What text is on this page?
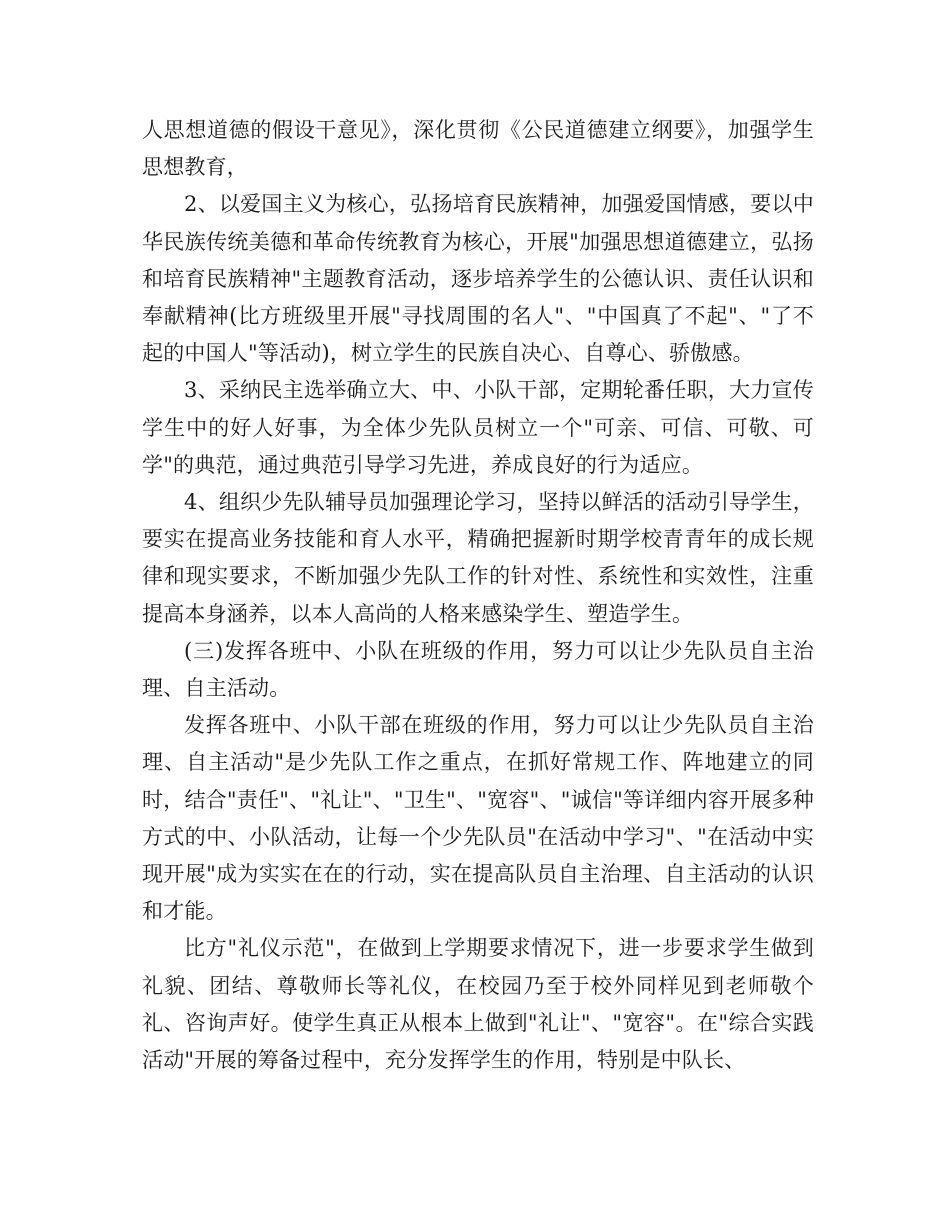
人思想道德的假设干意见》，深化贯彻《公民道德建立纲要》，加强学生思想教育，

2、以爱国主义为核心，弘扬培育民族精神，加强爱国情感，要以中华民族传统美德和革命传统教育为核心，开展"加强思想道德建立，弘扬和培育民族精神"主题教育活动，逐步培养学生的公德认识、责任认识和奉献精神(比方班级里开展"寻找周围的名人"、"中国真了不起"、"了不起的中国人"等活动)，树立学生的民族自决心、自尊心、骄傲感。

3、采纳民主选举确立大、中、小队干部，定期轮番任职，大力宣传学生中的好人好事，为全体少先队员树立一个"可亲、可信、可敬、可学"的典范，通过典范引导学习先进，养成良好的行为适应。

4、组织少先队辅导员加强理论学习，坚持以鲜活的活动引导学生，要实在提高业务技能和育人水平，精确把握新时期学校青青年的成长规律和现实要求，不断加强少先队工作的针对性、系统性和实效性，注重提高本身涵养，以本人高尚的人格来感染学生、塑造学生。

(三)发挥各班中、小队在班级的作用，努力可以让少先队员自主治理、自主活动。

发挥各班中、小队干部在班级的作用，努力可以让少先队员自主治理、自主活动"是少先队工作之重点，在抓好常规工作、阵地建立的同时，结合"责任"、"礼让"、"卫生"、"宽容"、"诚信"等详细内容开展多种方式的中、小队活动，让每一个少先队员"在活动中学习"、"在活动中实现开展"成为实实在在的行动，实在提高队员自主治理、自主活动的认识和才能。

比方"礼仪示范"，在做到上学期要求情况下，进一步要求学生做到礼貌、团结、尊敬师长等礼仪，在校园乃至于校外同样见到老师敬个礼、咨询声好。使学生真正从根本上做到"礼让"、"宽容"。在"综合实践活动"开展的筹备过程中，充分发挥学生的作用，特别是中队长、
